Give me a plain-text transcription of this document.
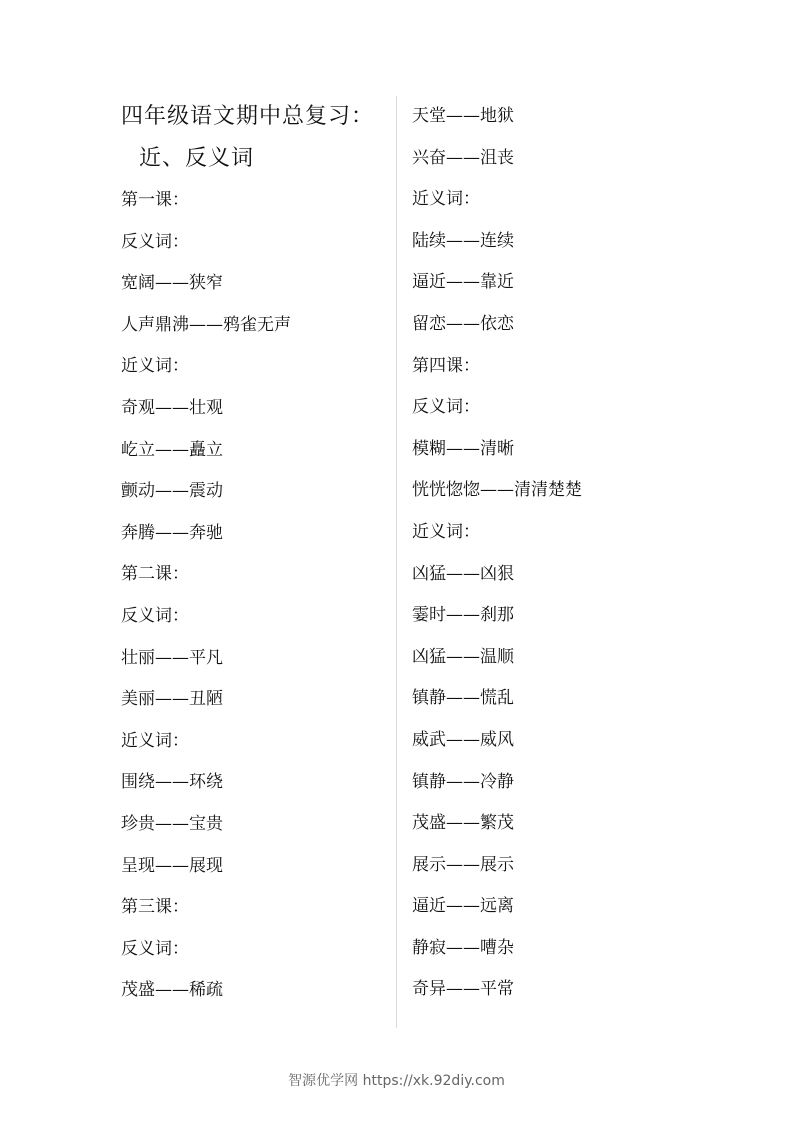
四年级语文期中总复习：
近、反义词
第一课：
反义词：
宽阔——狭窄
人声鼎沸——鸦雀无声
近义词：
奇观——壮观
屹立——矗立
颤动——震动
奔腾——奔驰
第二课：
反义词：
壮丽——平凡
美丽——丑陋
近义词：
围绕——环绕
珍贵——宝贵
呈现——展现
第三课：
反义词：
茂盛——稀疏
天堂——地狱
兴奋——沮丧
近义词：
陆续——连续
逼近——靠近
留恋——依恋
第四课：
反义词：
模糊——清晰
恍恍惚惚——清清楚楚
近义词：
凶猛——凶狠
霎时——刹那
凶猛——温顺
镇静——慌乱
威武——威风
镇静——冷静
茂盛——繁茂
展示——展示
逼近——远离
静寂——嘈杂
奇异——平常
智源优学网 https://xk.92diy.com
